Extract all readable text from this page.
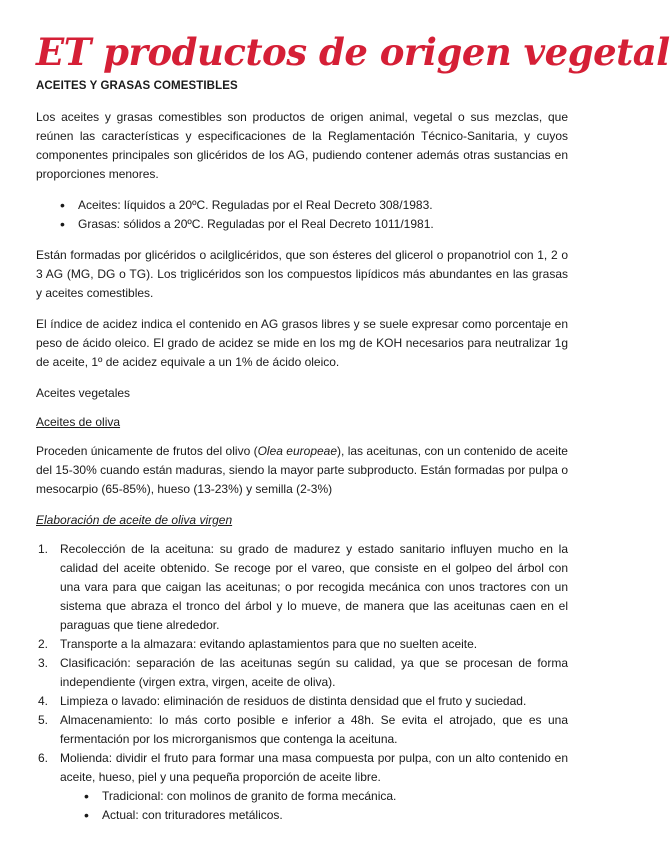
ET productos de origen vegetal
ACEITES Y GRASAS COMESTIBLES

Los aceites y grasas comestibles son productos de origen animal, vegetal o sus mezclas, que reúnen las características y especificaciones de la Reglamentación Técnico-Sanitaria, y cuyos componentes principales son glicéridos de los AG, pudiendo contener además otras sustancias en proporciones menores.

• Aceites: líquidos a 20ºC. Reguladas por el Real Decreto 308/1983.
• Grasas: sólidos a 20ºC. Reguladas por el Real Decreto 1011/1981.

Están formadas por glicéridos o acilglicéridos, que son ésteres del glicerol o propanotriol con 1, 2 o 3 AG (MG, DG o TG). Los triglicéridos son los compuestos lipídicos más abundantes en las grasas y aceites comestibles.

El índice de acidez indica el contenido en AG grasos libres y se suele expresar como porcentaje en peso de ácido oleico. El grado de acidez se mide en los mg de KOH necesarios para neutralizar 1g de aceite, 1º de acidez equivale a un 1% de ácido oleico.

Aceites vegetales
Aceites de oliva

Proceden únicamente de frutos del olivo (Olea europeae), las aceitunas, con un contenido de aceite del 15-30% cuando están maduras, siendo la mayor parte subproducto. Están formadas por pulpa o mesocarpio (65-85%), hueso (13-23%) y semilla (2-3%)

Elaboración de aceite de oliva virgen
1. Recolección de la aceituna: su grado de madurez y estado sanitario influyen mucho en la calidad del aceite obtenido. Se recoge por el vareo, que consiste en el golpeo del árbol con una vara para que caigan las aceitunas; o por recogida mecánica con unos tractores con un sistema que abraza el tronco del árbol y lo mueve, de manera que las aceitunas caen en el paraguas que tiene alrededor.
2. Transporte a la almazara: evitando aplastamientos para que no suelten aceite.
3. Clasificación: separación de las aceitunas según su calidad, ya que se procesan de forma independiente (virgen extra, virgen, aceite de oliva).
4. Limpieza o lavado: eliminación de residuos de distinta densidad que el fruto y suciedad.
5. Almacenamiento: lo más corto posible e inferior a 48h. Se evita el atrojado, que es una fermentación por los microrganismos que contenga la aceituna.
6. Molienda: dividir el fruto para formar una masa compuesta por pulpa, con un alto contenido en aceite, hueso, piel y una pequeña proporción de aceite libre.
• Tradicional: con molinos de granito de forma mecánica.
• Actual: con trituradores metálicos.
